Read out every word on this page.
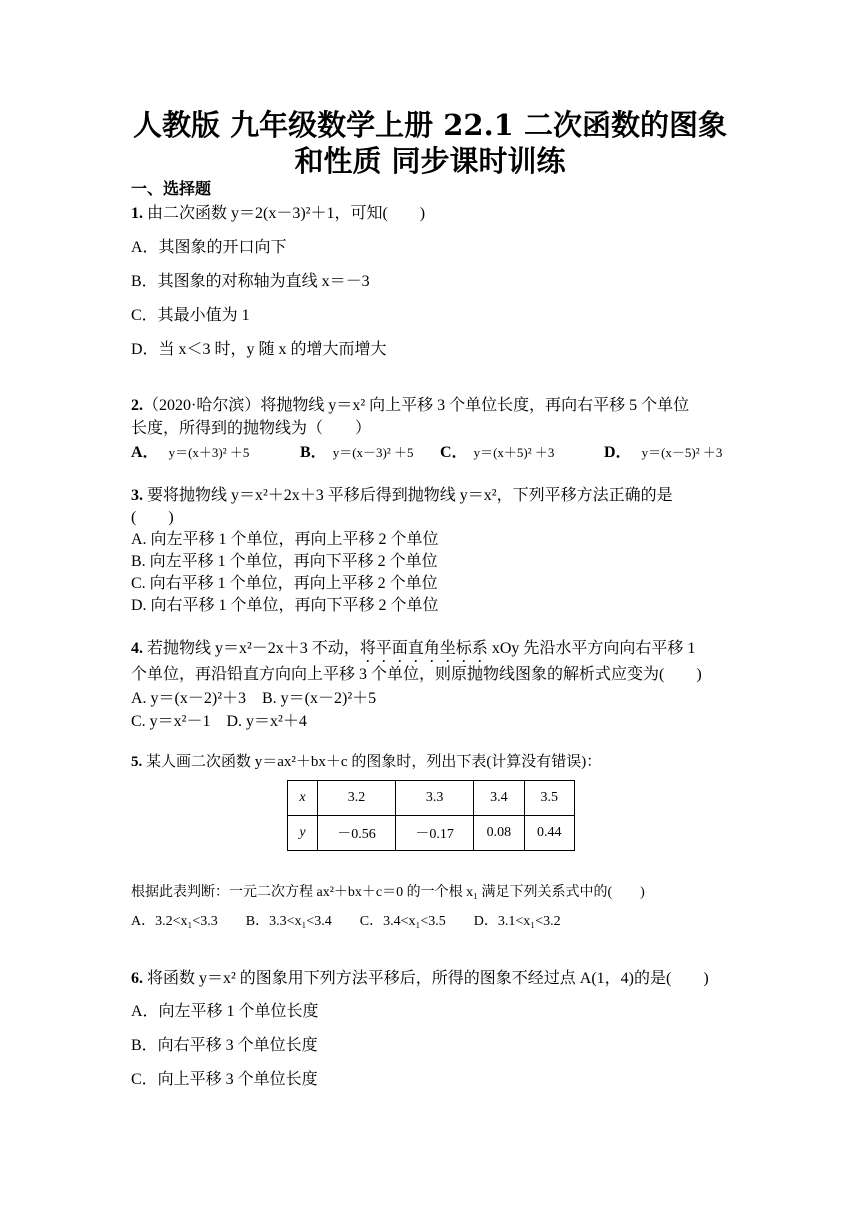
人教版 九年级数学上册 22.1 二次函数的图象
和性质 同步课时训练
一、选择题
1. 由二次函数 y＝2(x－3)²＋1，可知(　　)
A．其图象的开口向下
B．其图象的对称轴为直线 x＝－3
C．其最小值为 1
D．当 x＜3 时，y 随 x 的增大而增大
2.（2020·哈尔滨）将抛物线 y＝x² 向上平移 3 个单位长度，再向右平移 5 个单位
长度，所得到的抛物线为（　　）
A． y＝(x＋3)² ＋5	B． y＝(x－3)² ＋5 C． y＝(x＋5)² ＋3	D． y＝(x－5)² ＋3
3. 要将抛物线 y＝x²＋2x＋3 平移后得到抛物线 y＝x²，下列平移方法正确的是
(　　)
A. 向左平移 1 个单位，再向上平移 2 个单位
B. 向左平移 1 个单位，再向下平移 2 个单位
C. 向右平移 1 个单位，再向上平移 2 个单位
D. 向右平移 1 个单位，再向下平移 2 个单位
4. 若抛物线 y＝x²－2x＋3 不动，将平面直角坐标系 xOy 先沿水平方向向右平移 1
个单位，再沿铅直方向向上平移 3 个单位，则原抛物线图象的解析式应变为(　　)
A. y＝(x－2)²＋3　B. y＝(x－2)²＋5
C. y＝x²－1　D. y＝x²＋4
5. 某人画二次函数 y＝ax²＋bx＋c 的图象时，列出下表(计算没有错误)：
x	3.2	3.3	3.4	3.5
y	－0.56	－0.17	0.08	0.44
根据此表判断：一元二次方程 ax²＋bx＋c＝0 的一个根 x₁ 满足下列关系式中的(　　)
A．3.2<x₁<3.3　　B．3.3<x₁<3.4　　C．3.4<x₁<3.5　　D．3.1<x₁<3.2
6. 将函数 y＝x² 的图象用下列方法平移后，所得的图象不经过点 A(1，4)的是(　　)
A．向左平移 1 个单位长度
B．向右平移 3 个单位长度
C．向上平移 3 个单位长度
